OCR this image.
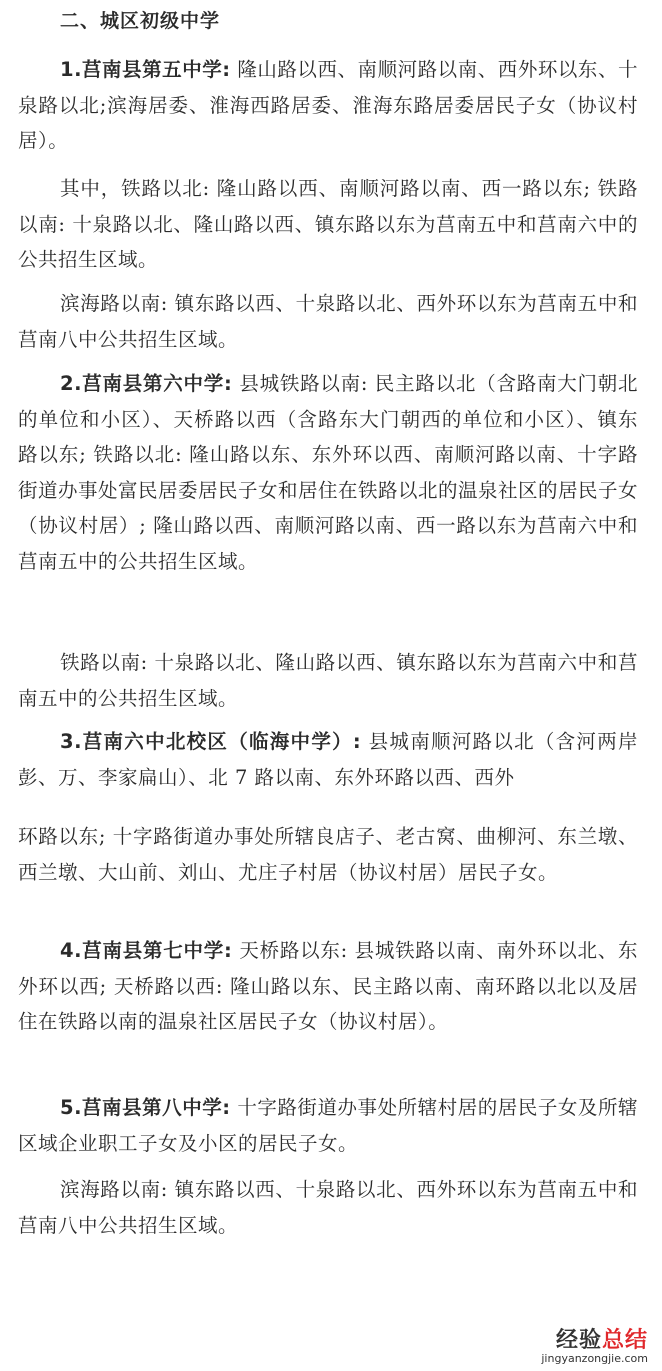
二、城区初级中学

1.莒南县第五中学: 隆山路以西、南顺河路以南、西外环以东、十泉路以北;滨海居委、淮海西路居委、淮海东路居委居民子女（协议村居）。

其中，铁路以北: 隆山路以西、南顺河路以南、西一路以东; 铁路以南: 十泉路以北、隆山路以西、镇东路以东为莒南五中和莒南六中的公共招生区域。

滨海路以南: 镇东路以西、十泉路以北、西外环以东为莒南五中和莒南八中公共招生区域。

2.莒南县第六中学: 县城铁路以南: 民主路以北（含路南大门朝北的单位和小区）、天桥路以西（含路东大门朝西的单位和小区）、镇东路以东; 铁路以北: 隆山路以东、东外环以西、南顺河路以南、十字路街道办事处富民居委居民子女和居住在铁路以北的温泉社区的居民子女（协议村居）; 隆山路以西、南顺河路以南、西一路以东为莒南六中和莒南五中的公共招生区域。

铁路以南: 十泉路以北、隆山路以西、镇东路以东为莒南六中和莒南五中的公共招生区域。

3.莒南六中北校区（临海中学）: 县城南顺河路以北（含河两岸彭、万、李家扁山）、北 7 路以南、东外环路以西、西外

环路以东; 十字路街道办事处所辖良店子、老古窝、曲柳河、东兰墩、西兰墩、大山前、刘山、尤庄子村居（协议村居）居民子女。

4.莒南县第七中学: 天桥路以东: 县城铁路以南、南外环以北、东外环以西; 天桥路以西: 隆山路以东、民主路以南、南环路以北以及居住在铁路以南的温泉社区居民子女（协议村居）。

5.莒南县第八中学: 十字路街道办事处所辖村居的居民子女及所辖区域企业职工子女及小区的居民子女。

滨海路以南: 镇东路以西、十泉路以北、西外环以东为莒南五中和莒南八中公共招生区域。

经验总结
jingyanzongjie.com
